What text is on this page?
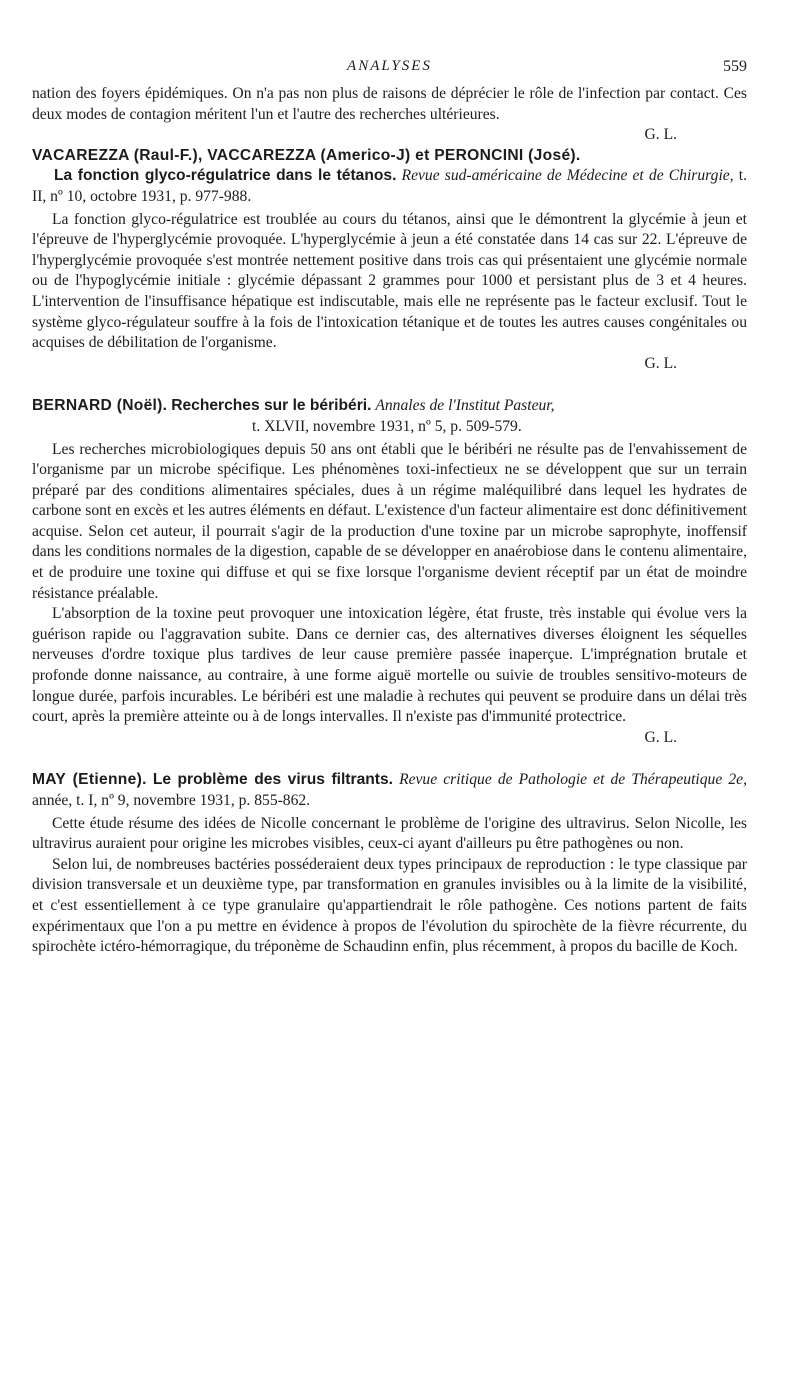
ANALYSES	559

nation des foyers épidémiques. On n'a pas non plus de raisons de déprécier le rôle de l'infection par contact. Ces deux modes de contagion méritent l'un et l'autre des recherches ultérieures.
G. L.

VACAREZZA (Raul-F.), VACCAREZZA (Americo-J) et PERONCINI (José).
La fonction glyco-régulatrice dans le tétanos. Revue sud-américaine de Médecine et de Chirurgie, t. II, nº 10, octobre 1931, p. 977-988.

La fonction glyco-régulatrice est troublée au cours du tétanos, ainsi que le démontrent la glycémie à jeun et l'épreuve de l'hyperglycémie provoquée. L'hyperglycémie à jeun a été constatée dans 14 cas sur 22. L'épreuve de l'hyperglycémie provoquée s'est montrée nettement positive dans trois cas qui présentaient une glycémie normale ou de l'hypoglycémie initiale : glycémie dépassant 2 grammes pour 1000 et persistant plus de 3 et 4 heures. L'intervention de l'insuffisance hépatique est indiscutable, mais elle ne représente pas le facteur exclusif. Tout le système glyco-régulateur souffre à la fois de l'intoxication tétanique et de toutes les autres causes congénitales ou acquises de débilitation de l'organisme.
G. L.

BERNARD (Noël). Recherches sur le béribéri. Annales de l'Institut Pasteur,
t. XLVII, novembre 1931, nº 5, p. 509-579.

Les recherches microbiologiques depuis 50 ans ont établi que le béribéri ne résulte pas de l'envahissement de l'organisme par un microbe spécifique. Les phénomènes toxi-infectieux ne se développent que sur un terrain préparé par des conditions alimentaires spéciales, dues à un régime maléquilibré dans lequel les hydrates de carbone sont en excès et les autres éléments en défaut. L'existence d'un facteur alimentaire est donc définitivement acquise. Selon cet auteur, il pourrait s'agir de la production d'une toxine par un microbe saprophyte, inoffensif dans les conditions normales de la digestion, capable de se développer en anaérobiose dans le contenu alimentaire, et de produire une toxine qui diffuse et qui se fixe lorsque l'organisme devient réceptif par un état de moindre résistance préalable.

L'absorption de la toxine peut provoquer une intoxication légère, état fruste, très instable qui évolue vers la guérison rapide ou l'aggravation subite. Dans ce dernier cas, des alternatives diverses éloignent les séquelles nerveuses d'ordre toxique plus tardives de leur cause première passée inaperçue. L'imprégnation brutale et profonde donne naissance, au contraire, à une forme aiguë mortelle ou suivie de troubles sensitivo-moteurs de longue durée, parfois incurables. Le béribéri est une maladie à rechutes qui peuvent se produire dans un délai très court, après la première atteinte ou à de longs intervalles. Il n'existe pas d'immunité protectrice.
G. L.

MAY (Etienne). Le problème des virus filtrants. Revue critique de Pathologie et de Thérapeutique 2e, année, t. I, nº 9, novembre 1931, p. 855-862.

Cette étude résume des idées de Nicolle concernant le problème de l'origine des ultravirus. Selon Nicolle, les ultravirus auraient pour origine les microbes visibles, ceux-ci ayant d'ailleurs pu être pathogènes ou non.

Selon lui, de nombreuses bactéries posséderaient deux types principaux de reproduction : le type classique par division transversale et un deuxième type, par transformation en granules invisibles ou à la limite de la visibilité, et c'est essentiellement à ce type granulaire qu'appartiendrait le rôle pathogène. Ces notions partent de faits expérimentaux que l'on a pu mettre en évidence à propos de l'évolution du spirochète de la fièvre récurrente, du spirochète ictéro-hémorragique, du tréponème de Schaudinn enfin, plus récemment, à propos du bacille de Koch.
